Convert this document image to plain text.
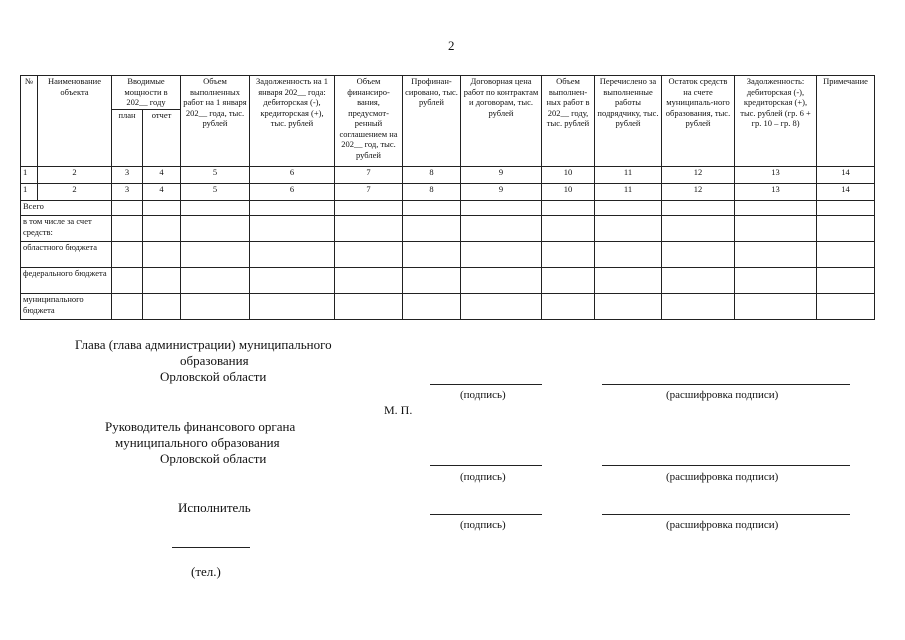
2
№	Наименование объекта	Вводимые мощности в 202__ году		Объем выполненных работ на 1 января 202__ года, тыс. рублей	Задолженность на 1 января 202__ года: дебиторская (-), кредиторская (+), тыс. рублей	Объем финансиро-вания, предусмот-ренный соглашением на 202__ год, тыс. рублей	Профинан-сировано, тыс. рублей	Договорная цена работ по контрактам и договорам, тыс. рублей	Объем выполнен-ных работ в 202__ году, тыс. рублей	Перечислено за выполненные работы подрядчику, тыс. рублей	Остаток средств на счете муниципаль-ного образования, тыс. рублей	Задолженность: дебиторская (-), кредиторская (+), тыс. рублей (гр. 6 + гр. 10 – гр. 8)	Примечание
		план	отчет										
1	2	3	4	5	6	7	8	9	10	11	12	13	14
1	2	3	4	5	6	7	8	9	10	11	12	13	14
Всего													
в том числе за счет средств:													
областного бюджета													
федерального бюджета													
муниципального бюджета													
Глава (глава администрации) муниципального
образования
Орловской области
(подпись)	(расшифровка подписи)
М. П.
Руководитель финансового органа
муниципального образования
Орловской области
(подпись)	(расшифровка подписи)
Исполнитель
(подпись)	(расшифровка подписи)
(тел.)
